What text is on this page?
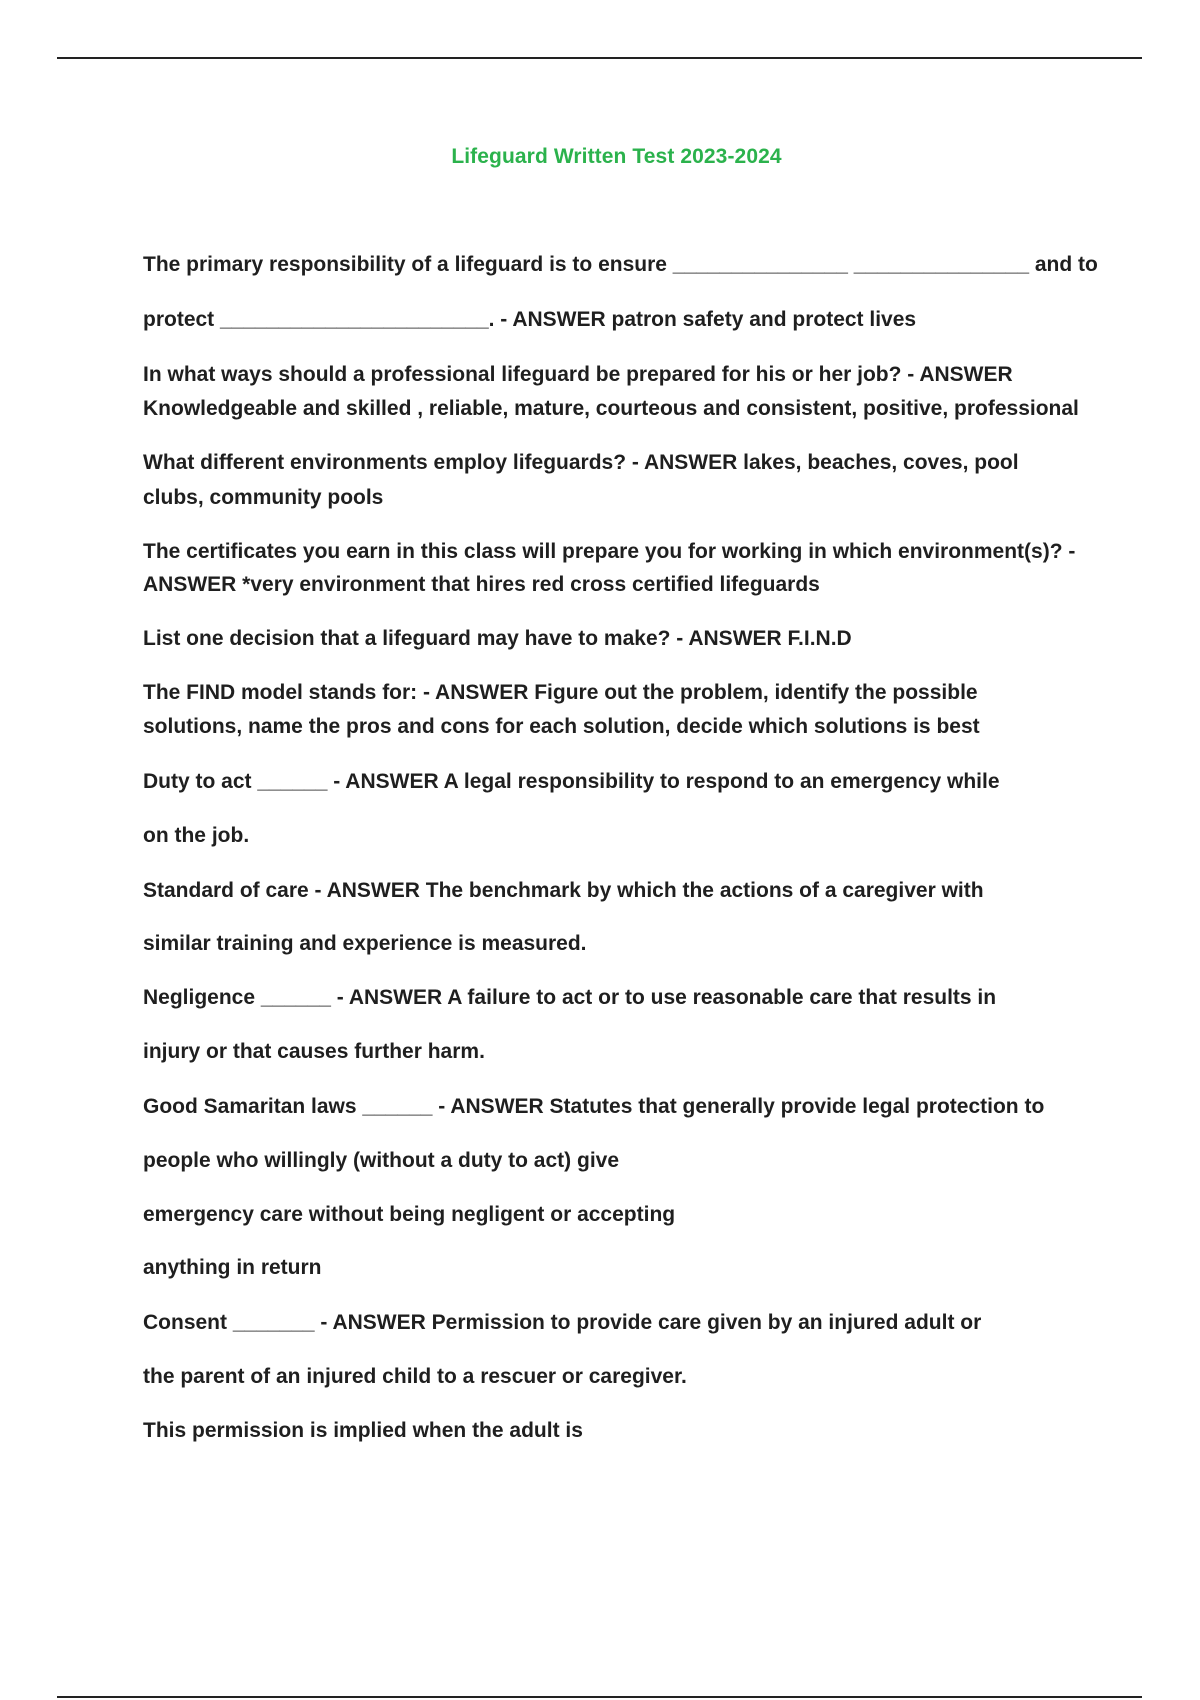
Lifeguard Written Test 2023-2024
The primary responsibility of a lifeguard is to ensure _______________ _______________ and to
protect _______________________. - ANSWER patron safety and protect lives
In what ways should a professional lifeguard be prepared for his or her job? - ANSWER
Knowledgeable and skilled , reliable, mature, courteous and consistent, positive, professional
What different environments employ lifeguards? - ANSWER lakes, beaches, coves, pool
clubs, community pools
The certificates you earn in this class will prepare you for working in which environment(s)? -
ANSWER *very environment that hires red cross certified lifeguards
List one decision that a lifeguard may have to make? - ANSWER F.I.N.D
The FIND model stands for: - ANSWER Figure out the problem, identify the possible
solutions, name the pros and cons for each solution, decide which solutions is best
Duty to act ______ - ANSWER A legal responsibility to respond to an emergency while
on the job.
Standard of care - ANSWER The benchmark by which the actions of a caregiver with
similar training and experience is measured.
Negligence ______ - ANSWER A failure to act or to use reasonable care that results in
injury or that causes further harm.
Good Samaritan laws ______ - ANSWER Statutes that generally provide legal protection to
people who willingly (without a duty to act) give
emergency care without being negligent or accepting
anything in return
Consent _______ - ANSWER Permission to provide care given by an injured adult or
the parent of an injured child to a rescuer or caregiver.
This permission is implied when the adult is
